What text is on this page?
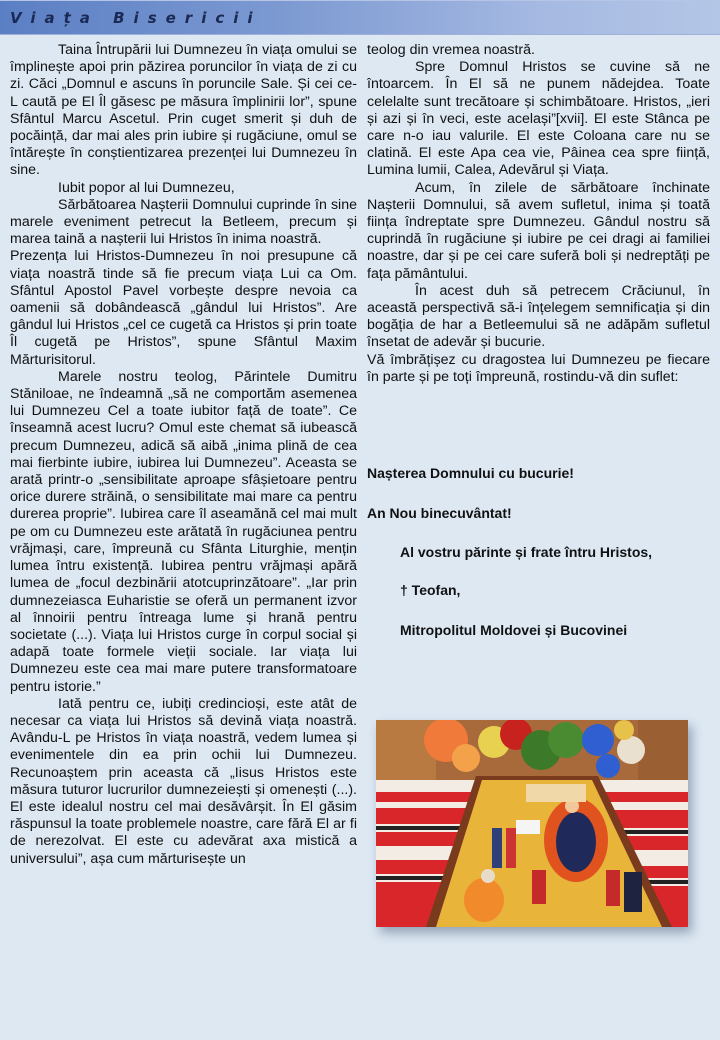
Viața Bisericii

Taina Întrupării lui Dumnezeu în viața omului se împlinește apoi prin păzirea poruncilor în viața de zi cu zi. Căci „Domnul e ascuns în poruncile Sale. Și cei ce-L caută pe El Îl găsesc pe măsura împlinirii lor”, spune Sfântul Marcu Ascetul. Prin cuget smerit și duh de pocăință, dar mai ales prin iubire și rugăciune, omul se întărește în conștientizarea prezenței lui Dumnezeu în sine.

Iubit popor al lui Dumnezeu,

Sărbătoarea Nașterii Domnului cuprinde în sine marele eveniment petrecut la Betleem, precum și marea taină a nașterii lui Hristos în inima noastră.

Prezența lui Hristos-Dumnezeu în noi presupune că viața noastră tinde să fie precum viața Lui ca Om. Sfântul Apostol Pavel vorbește despre nevoia ca oamenii să dobândească „gândul lui Hristos”. Are gândul lui Hristos „cel ce cugetă ca Hristos și prin toate Îl cugetă pe Hristos”, spune Sfântul Maxim Mărturisitorul.

Marele nostru teolog, Părintele Dumitru Stăniloae, ne îndeamnă „să ne comportăm asemenea lui Dumnezeu Cel a toate iubitor față de toate”. Ce înseamnă acest lucru? Omul este chemat să iubească precum Dumnezeu, adică să aibă „inima plină de cea mai fierbinte iubire, iubirea lui Dumnezeu”. Aceasta se arată printr-o „sensibilitate aproape sfâșietoare pentru orice durere străină, o sensibilitate mai mare ca pentru durerea proprie”. Iubirea care îl aseamănă cel mai mult pe om cu Dumnezeu este arătată în rugăciunea pentru vrăjmași, care, împreună cu Sfânta Liturghie, mențin lumea întru existență. Iubirea pentru vrăjmași apără lumea de „focul dezbinării atotcuprinzătoare”. „Iar prin dumnezeiasca Euharistie se oferă un permanent izvor al înnoirii pentru întreaga lume și hrană pentru societate (...). Viața lui Hristos curge în corpul social și adapă toate formele vieții sociale. Iar viața lui Dumnezeu este cea mai mare putere transformatoare pentru istorie.”

Iată pentru ce, iubiți credincioși, este atât de necesar ca viața lui Hristos să devină viața noastră. Avându-L pe Hristos în viața noastră, vedem lumea și evenimentele din ea prin ochii lui Dumnezeu. Recunoaștem prin aceasta că „Iisus Hristos este măsura tuturor lucrurilor dumnezeiești și omenești (...). El este idealul nostru cel mai desăvârșit. În El găsim răspunsul la toate problemele noastre, care fără El ar fi de nerezolvat. El este cu adevărat axa mistică a universului”, așa cum mărturisește un

teolog din vremea noastră.

Spre Domnul Hristos se cuvine să ne întoarcem. În El să ne punem nădejdea. Toate celelalte sunt trecătoare și schimbătoare. Hristos, „ieri și azi și în veci, este același”[xvii]. El este Stânca pe care n-o iau valurile. El este Coloana care nu se clatină. El este Apa cea vie, Pâinea cea spre ființă, Lumina lumii, Calea, Adevărul și Viața.

Acum, în zilele de sărbătoare închinate Nașterii Domnului, să avem sufletul, inima și toată ființa îndreptate spre Dumnezeu. Gândul nostru să cuprindă în rugăciune și iubire pe cei dragi ai familiei noastre, dar și pe cei care suferă boli și nedreptăți pe fața pământului.

În acest duh să petrecem Crăciunul, în această perspectivă să-i înțelegem semnificația și din bogăția de har a Betleemului să ne adăpăm sufletul însetat de adevăr și bucurie.

Vă îmbrățișez cu dragostea lui Dumnezeu pe fiecare în parte și pe toți împreună, rostindu-vă din suflet:

Nașterea Domnului cu bucurie!
An Nou binecuvântat!
Al vostru părinte și frate întru Hristos,
† Teofan,
Mitropolitul Moldovei și Bucovinei
